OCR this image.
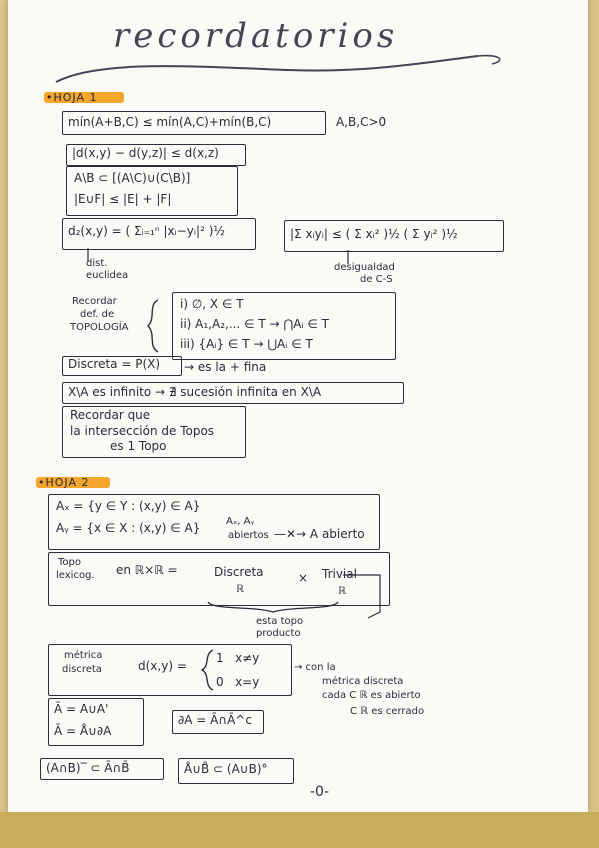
recordatorios
•HOJA 1
mín(A+B,C) ≤ mín(A,C)+mín(B,C)	A,B,C>0
|d(x,y) − d(y,z)| ≤ d(x,z)
A\B ⊂ [(A\C)∪(C\B)]
|E∪F| ≤ |E| + |F|
d₂(x,y) = ( Σᵢ₌₁ⁿ |xᵢ−yᵢ|² )½
dist.
euclidea
|Σ xᵢyᵢ| ≤ ( Σ xᵢ² )½ ( Σ yᵢ² )½
desigualdad
de C-S
Recordar
def. de
TOPOLOGÍA
i) ∅, X ∈ T
ii) A₁,A₂,... ∈ T → ⋂Aᵢ ∈ T
iii) {Aᵢ} ∈ T → ⋃Aᵢ ∈ T
Discreta = P(X) → es la + fina
X\A es infinito → ∄ sucesión infinita en X\A
Recordar que
la intersección de Topos
es 1 Topo
•HOJA 2
Aₓ = {y ∈ Y : (x,y) ∈ A}
Aᵧ = {x ∈ X : (x,y) ∈ A}	Aₓ, Aᵧ
abiertos —✕→ A abierto
Topo
lexicog. en ℝ×ℝ =	Discreta
ℝ
× Trivial
ℝ
esta topo
producto
métrica
discreta	d(x,y) =
1   x≠y
0   x=y
→ con la
métrica discreta
cada C ℝ es abierto
C ℝ es cerrado
Ā = A∪A'
Ā = Å∪∂A
∂A = Ā∩Ā^c
(A∩B)‾ ⊂ Ā∩B̄	Å∪B̊ ⊂ (A∪B)°
-0-
